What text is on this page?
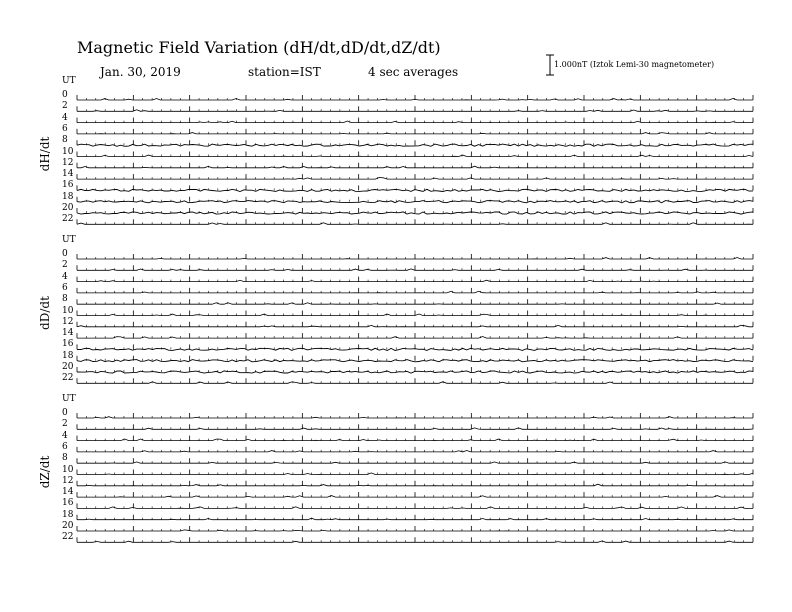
Magnetic Field Variation (dH/dt,dD/dt,dZ/dt)
Jan. 30, 2019	station=IST	4 sec averages
1.000nT (Iztok Lemi-30 magnetometer)
UT
dH/dt
0
2
4
6
8
10
12
14
16
18
20
22
UT
dD/dt
0
2
4
6
8
10
12
14
16
18
20
22
UT
dZ/dt
0
2
4
6
8
10
12
14
16
18
20
22
